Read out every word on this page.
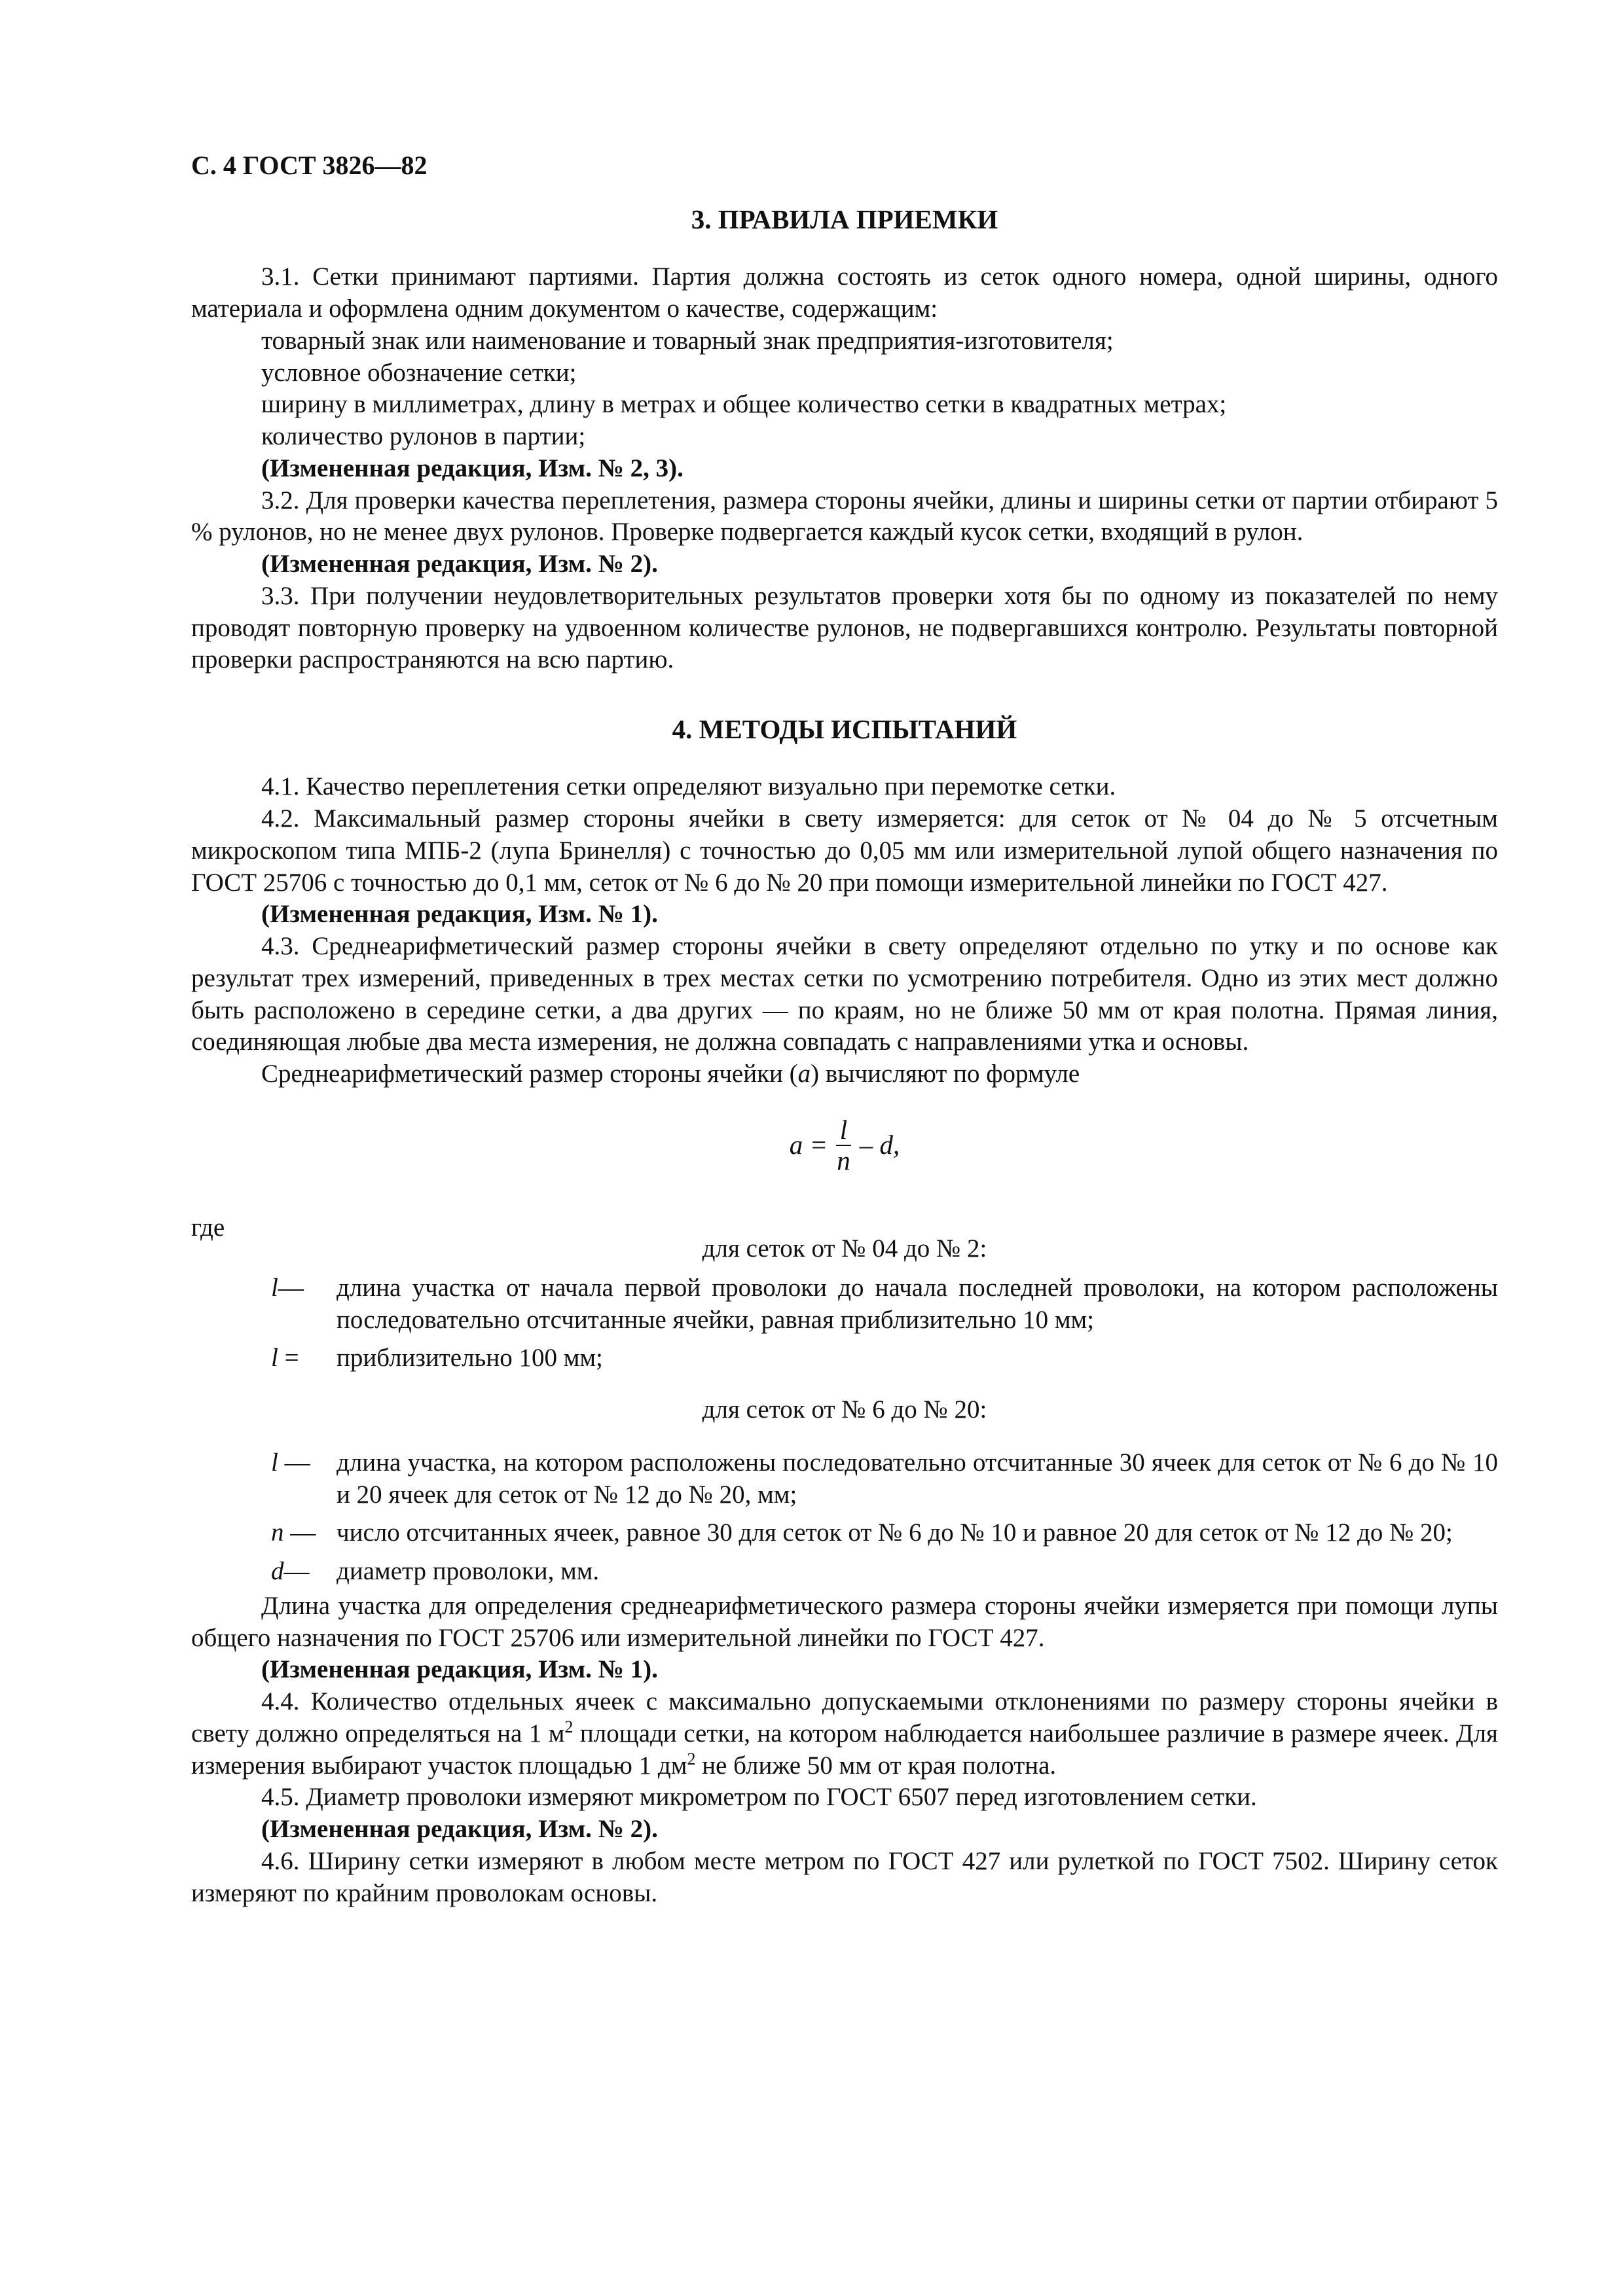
С. 4 ГОСТ 3826—82
3. ПРАВИЛА ПРИЕМКИ

3.1. Сетки принимают партиями. Партия должна состоять из сеток одного номера, одной ширины, одного материала и оформлена одним документом о качестве, содержащим:

товарный знак или наименование и товарный знак предприятия-изготовителя;

условное обозначение сетки;

ширину в миллиметрах, длину в метрах и общее количество сетки в квадратных метрах;

количество рулонов в партии;

(Измененная редакция, Изм. № 2, 3).

3.2. Для проверки качества переплетения, размера стороны ячейки, длины и ширины сетки от партии отбирают 5 % рулонов, но не менее двух рулонов. Проверке подвергается каждый кусок сетки, входящий в рулон.

(Измененная редакция, Изм. № 2).

3.3. При получении неудовлетворительных результатов проверки хотя бы по одному из показателей по нему проводят повторную проверку на удвоенном количестве рулонов, не подвергавшихся контролю. Результаты повторной проверки распространяются на всю партию.

4. МЕТОДЫ ИСПЫТАНИЙ

4.1. Качество переплетения сетки определяют визуально при перемотке сетки.

4.2. Максимальный размер стороны ячейки в свету измеряется: для сеток от № 04 до № 5 отсчетным микроскопом типа МПБ-2 (лупа Бринелля) с точностью до 0,05 мм или измерительной лупой общего назначения по ГОСТ 25706 с точностью до 0,1 мм, сеток от № 6 до № 20 при помощи измерительной линейки по ГОСТ 427.

(Измененная редакция, Изм. № 1).

4.3. Среднеарифметический размер стороны ячейки в свету определяют отдельно по утку и по основе как результат трех измерений, приведенных в трех местах сетки по усмотрению потребителя. Одно из этих мест должно быть расположено в середине сетки, а два других — по краям, но не ближе 50 мм от края полотна. Прямая линия, соединяющая любые два места измерения, не должна совпадать с направлениями утка и основы.

Среднеарифметический размер стороны ячейки (а) вычисляют по формуле

$a = \frac{l}{n} - d$,
где
для сеток от № 04 до № 2:
l—	длина участка от начала первой проволоки до начала последней проволоки, на котором расположены последовательно отсчитанные ячейки, равная приблизительно 10 мм;
l =	приблизительно 100 мм;
для сеток от № 6 до № 20:
l —	длина участка, на котором расположены последовательно отсчитанные 30 ячеек для сеток от № 6 до № 10 и 20 ячеек для сеток от № 12 до № 20, мм;
n — число отсчитанных ячеек, равное 30 для сеток от № 6 до № 10 и равное 20 для сеток от № 12 до № 20;
d—	диаметр проволоки, мм.

Длина участка для определения среднеарифметического размера стороны ячейки измеряется при помощи лупы общего назначения по ГОСТ 25706 или измерительной линейки по ГОСТ 427.

(Измененная редакция, Изм. № 1).

4.4. Количество отдельных ячеек с максимально допускаемыми отклонениями по размеру стороны ячейки в свету должно определяться на 1 $м^2$ площади сетки, на котором наблюдается наибольшее различие в размере ячеек. Для измерения выбирают участок площадью 1 $дм^2$ не ближе 50 мм от края полотна.

4.5. Диаметр проволоки измеряют микрометром по ГОСТ 6507 перед изготовлением сетки.

(Измененная редакция, Изм. № 2).

4.6. Ширину сетки измеряют в любом месте метром по ГОСТ 427 или рулеткой по ГОСТ 7502. Ширину сеток измеряют по крайним проволокам основы.
